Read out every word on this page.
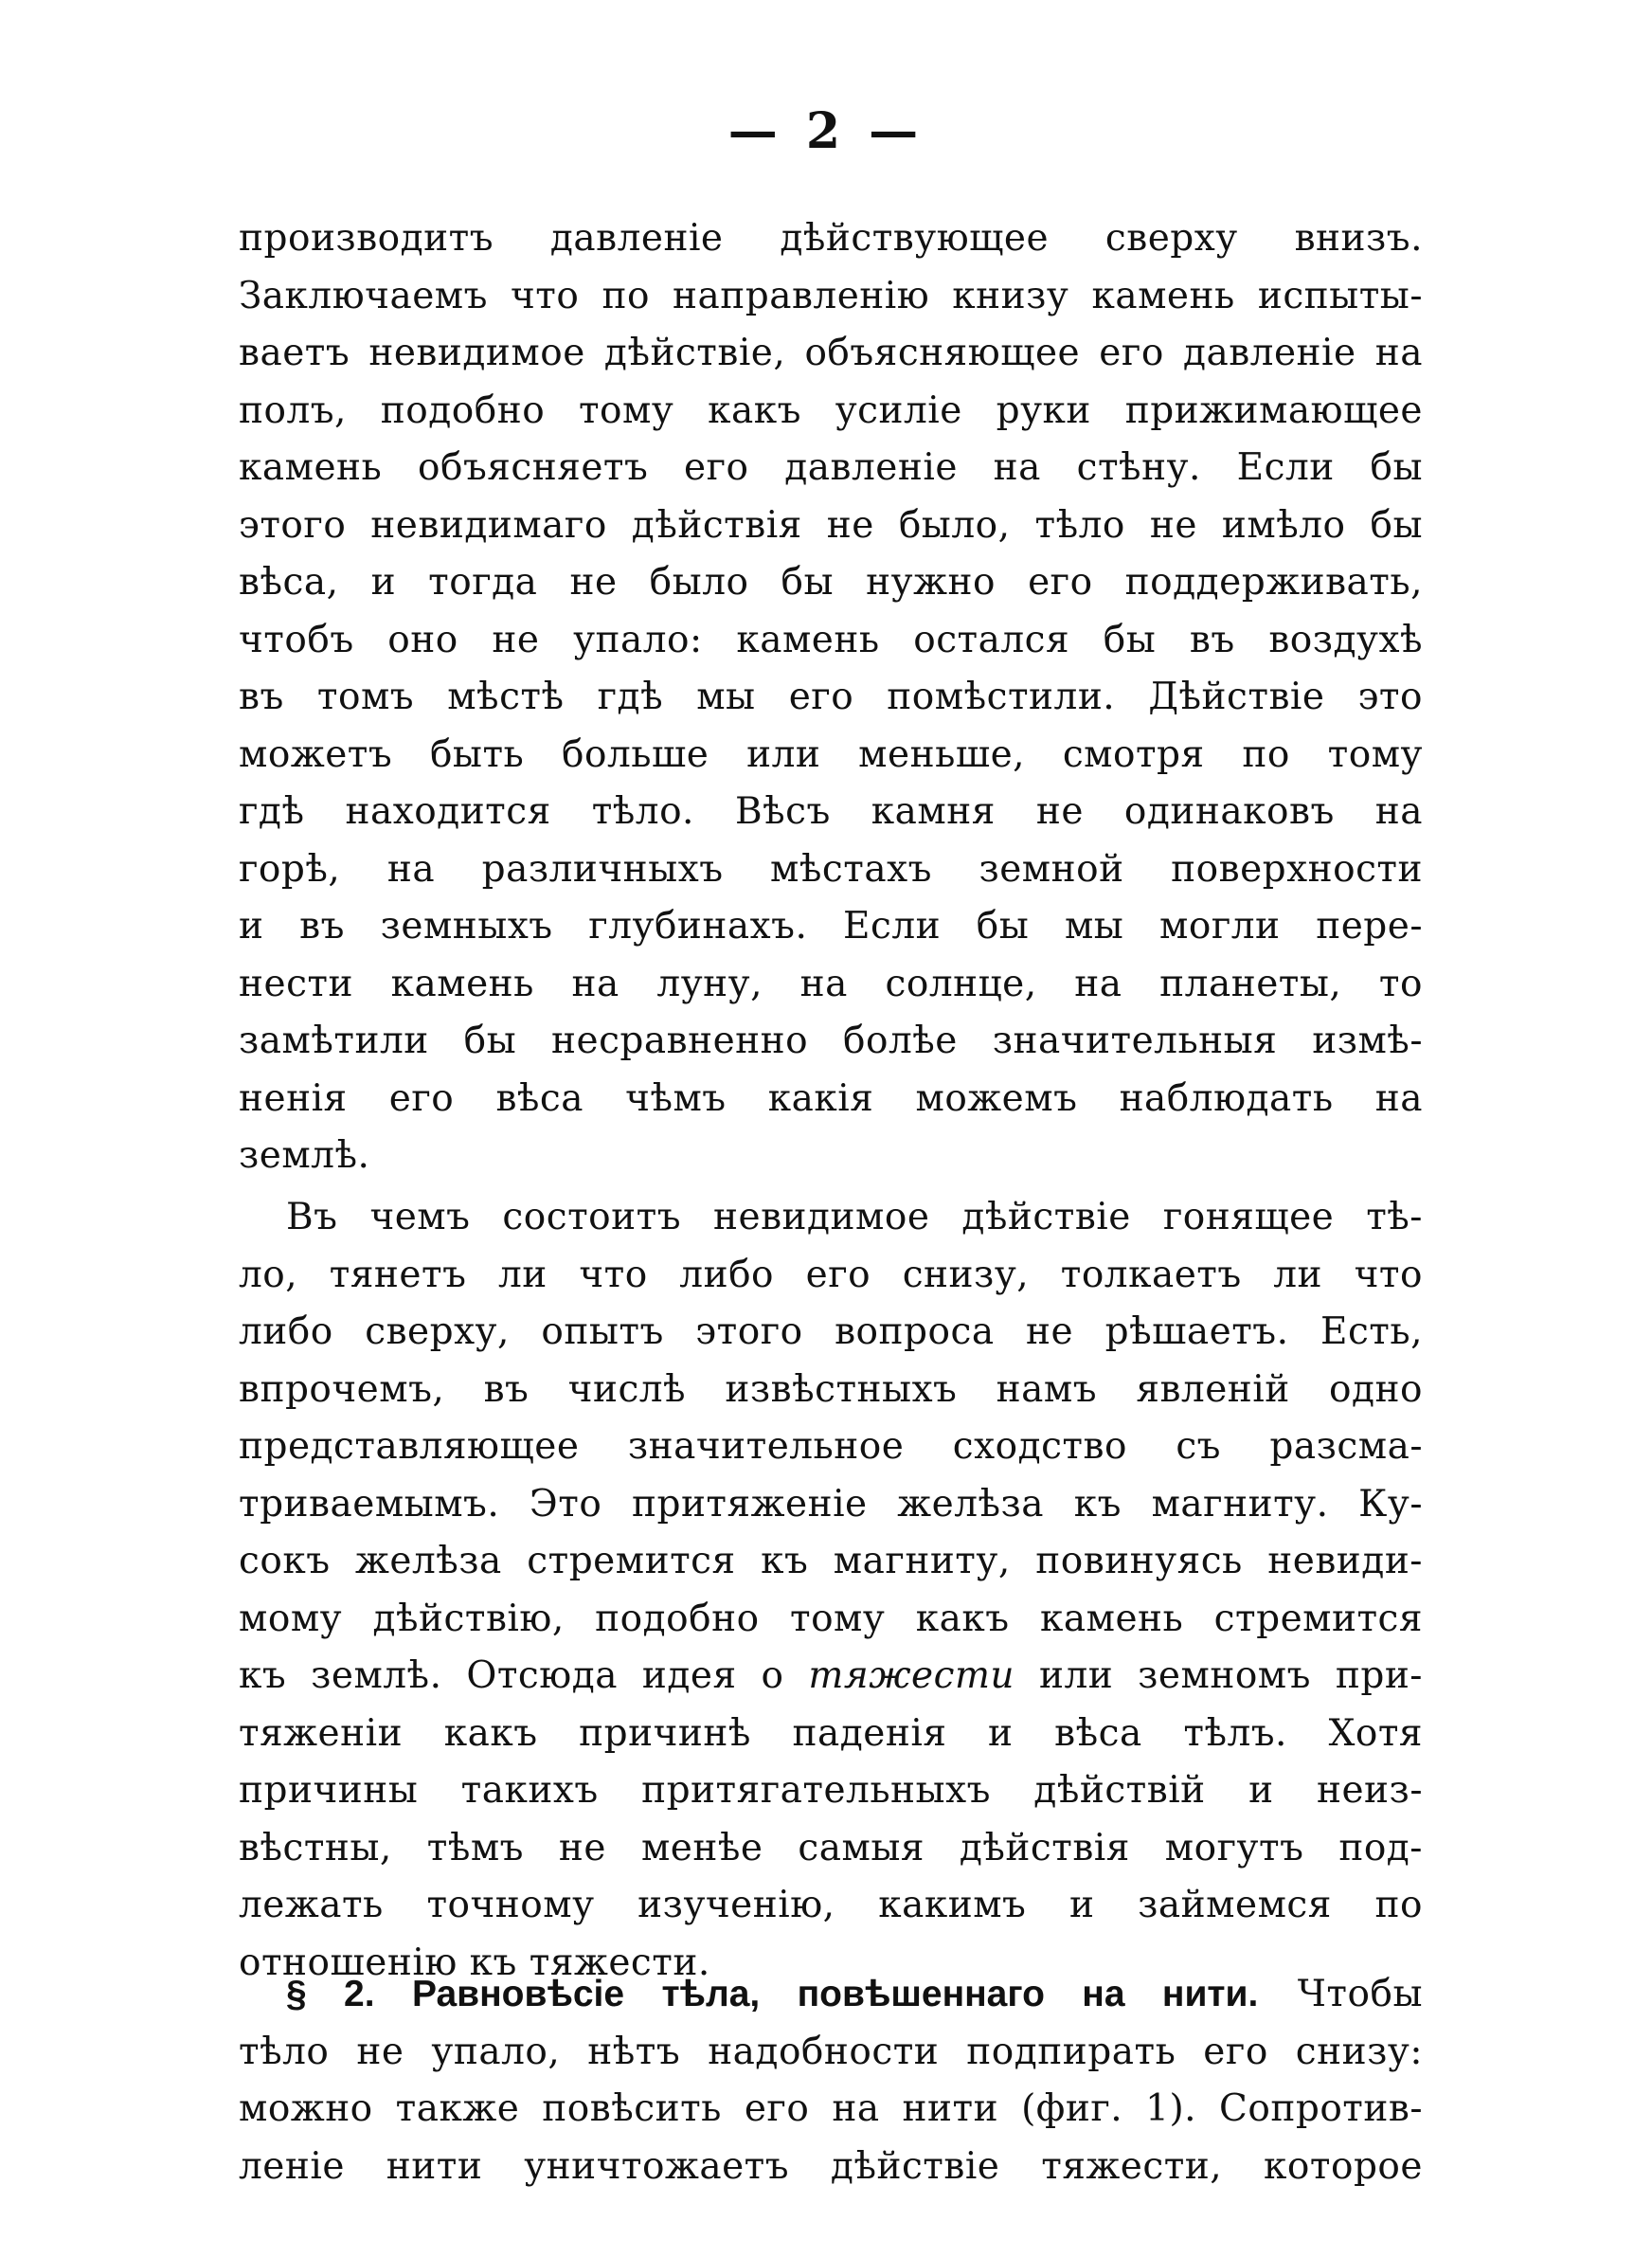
— 2 —
производитъ давленіе дѣйствующее сверху внизъ.
Заключаемъ что по направленію книзу камень испыты-
ваетъ невидимое дѣйствіе, объясняющее его давленіе на
полъ, подобно тому какъ усиліе руки прижимающее
камень объясняетъ его давленіе на стѣну. Если бы
этого невидимаго дѣйствія не было, тѣло не имѣло бы
вѣса, и тогда не было бы нужно его поддерживать,
чтобъ оно не упало: камень остался бы въ воздухѣ
въ томъ мѣстѣ гдѣ мы его помѣстили. Дѣйствіе это
можетъ быть больше или меньше, смотря по тому
гдѣ находится тѣло. Вѣсъ камня не одинаковъ на
горѣ, на различныхъ мѣстахъ земной поверхности
и въ земныхъ глубинахъ. Если бы мы могли пере-
нести камень на луну, на солнце, на планеты, то
замѣтили бы несравненно болѣе значительныя измѣ-
ненія его вѣса чѣмъ какія можемъ наблюдать на
землѣ.
Въ чемъ состоитъ невидимое дѣйствіе гонящее тѣ-
ло, тянетъ ли что либо его снизу, толкаетъ ли что
либо сверху, опытъ этого вопроса не рѣшаетъ. Есть,
впрочемъ, въ числѣ извѣстныхъ намъ явленій одно
представляющее значительное сходство съ разсма-
триваемымъ. Это притяженіе желѣза къ магниту. Ку-
сокъ желѣза стремится къ магниту, повинуясь невиди-
мому дѣйствію, подобно тому какъ камень стремится
къ землѣ. Отсюда идея о тяжести или земномъ при-
тяженіи какъ причинѣ паденія и вѣса тѣлъ. Хотя
причины такихъ притягательныхъ дѣйствій и неиз-
вѣстны, тѣмъ не менѣе самыя дѣйствія могутъ под-
лежать точному изученію, какимъ и займемся по
отношенію къ тяжести.
§ 2. Равновѣсіе тѣла, повѣшеннаго на нити. Чтобы
тѣло не упало, нѣтъ надобности подпирать его снизу:
можно также повѣсить его на нити (фиг. 1). Сопротив-
леніе нити уничтожаетъ дѣйствіе тяжести, которое
